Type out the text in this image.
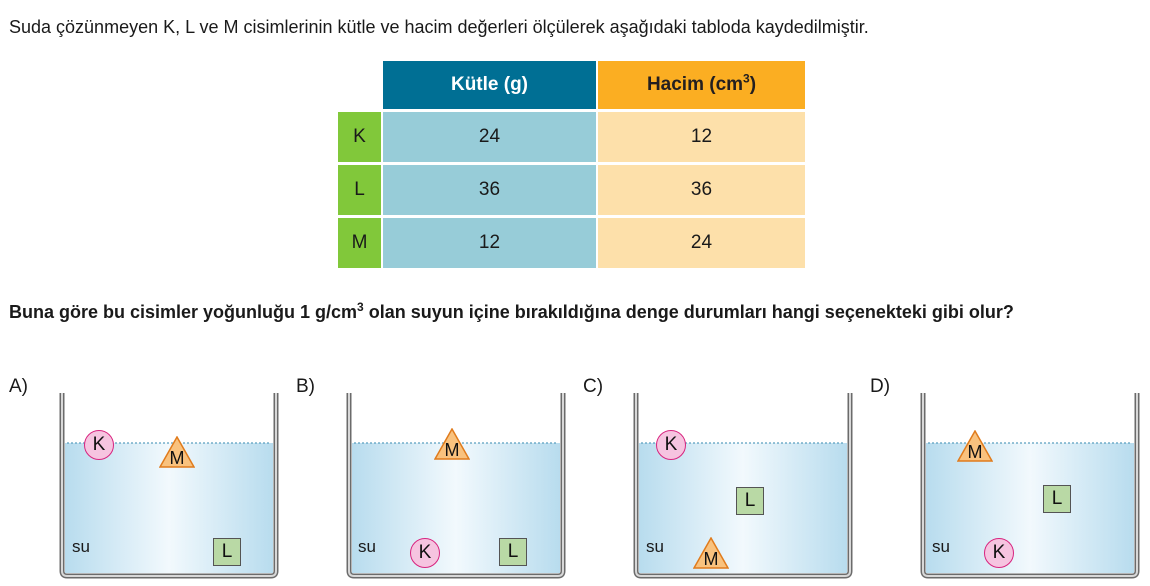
Suda çözünmeyen K, L ve M cisimlerinin kütle ve hacim değerleri ölçülerek aşağıdaki tabloda kaydedilmiştir.
	Kütle (g)	Hacim $(cm^3)$
K	24	12
L	36	36
M	12	24
Buna göre bu cisimler yoğunluğu 1 $g/cm^3$ olan suyun içine bırakıldığına denge durumları hangi seçenekteki gibi olur?
A)
K
M
L
su
B)
M
K	L
su
C)
K
L
M
su
D)
M
L
K
su
